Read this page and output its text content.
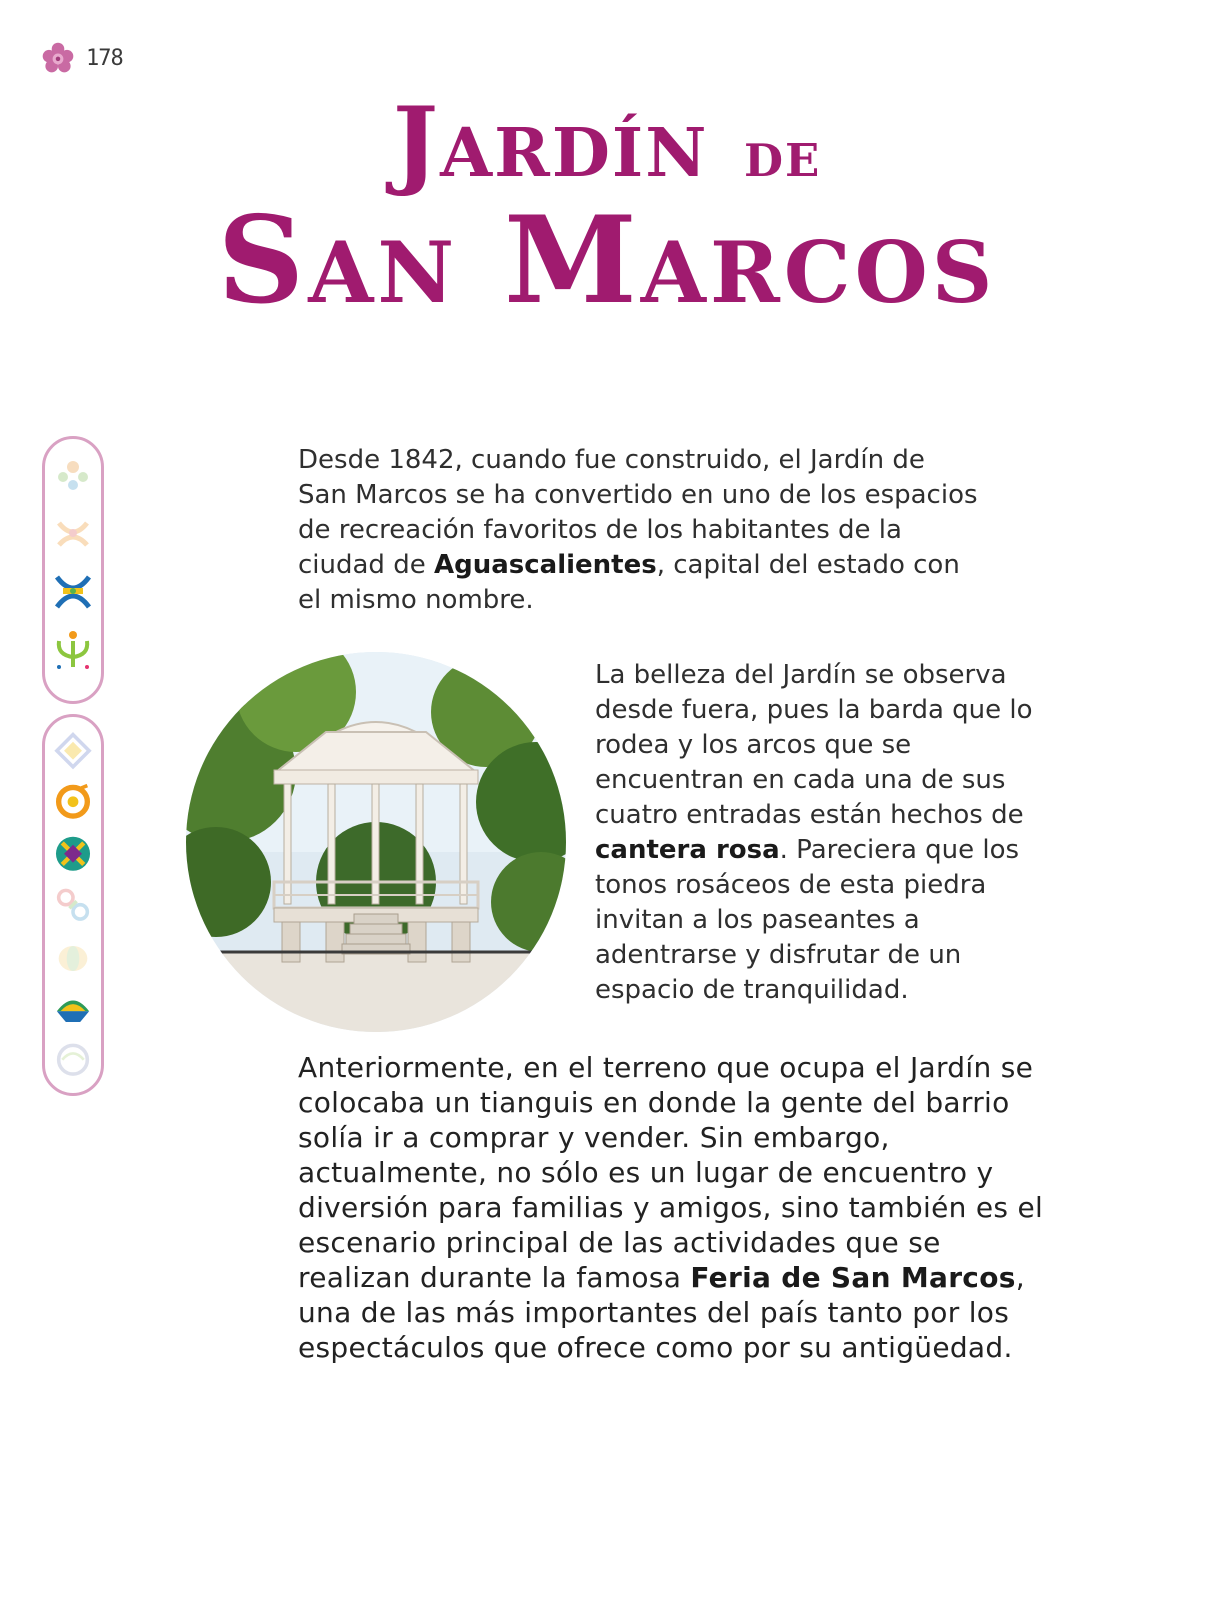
178
Jardín de
San Marcos

Desde 1842, cuando fue construido, el Jardín de San Marcos se ha convertido en uno de los espacios de recreación favoritos de los habitantes de la ciudad de Aguascalientes, capital del estado con el mismo nombre.

La belleza del Jardín se observa desde fuera, pues la barda que lo rodea y los arcos que se encuentran en cada una de sus cuatro entradas están hechos de cantera rosa. Pareciera que los tonos rosáceos de esta piedra invitan a los paseantes a adentrarse y disfrutar de un espacio de tranquilidad.

Anteriormente, en el terreno que ocupa el Jardín se colocaba un tianguis en donde la gente del barrio solía ir a comprar y vender. Sin embargo, actualmente, no sólo es un lugar de encuentro y diversión para familias y amigos, sino también es el escenario principal de las actividades que se realizan durante la famosa Feria de San Marcos, una de las más importantes del país tanto por los espectáculos que ofrece como por su antigüedad.
